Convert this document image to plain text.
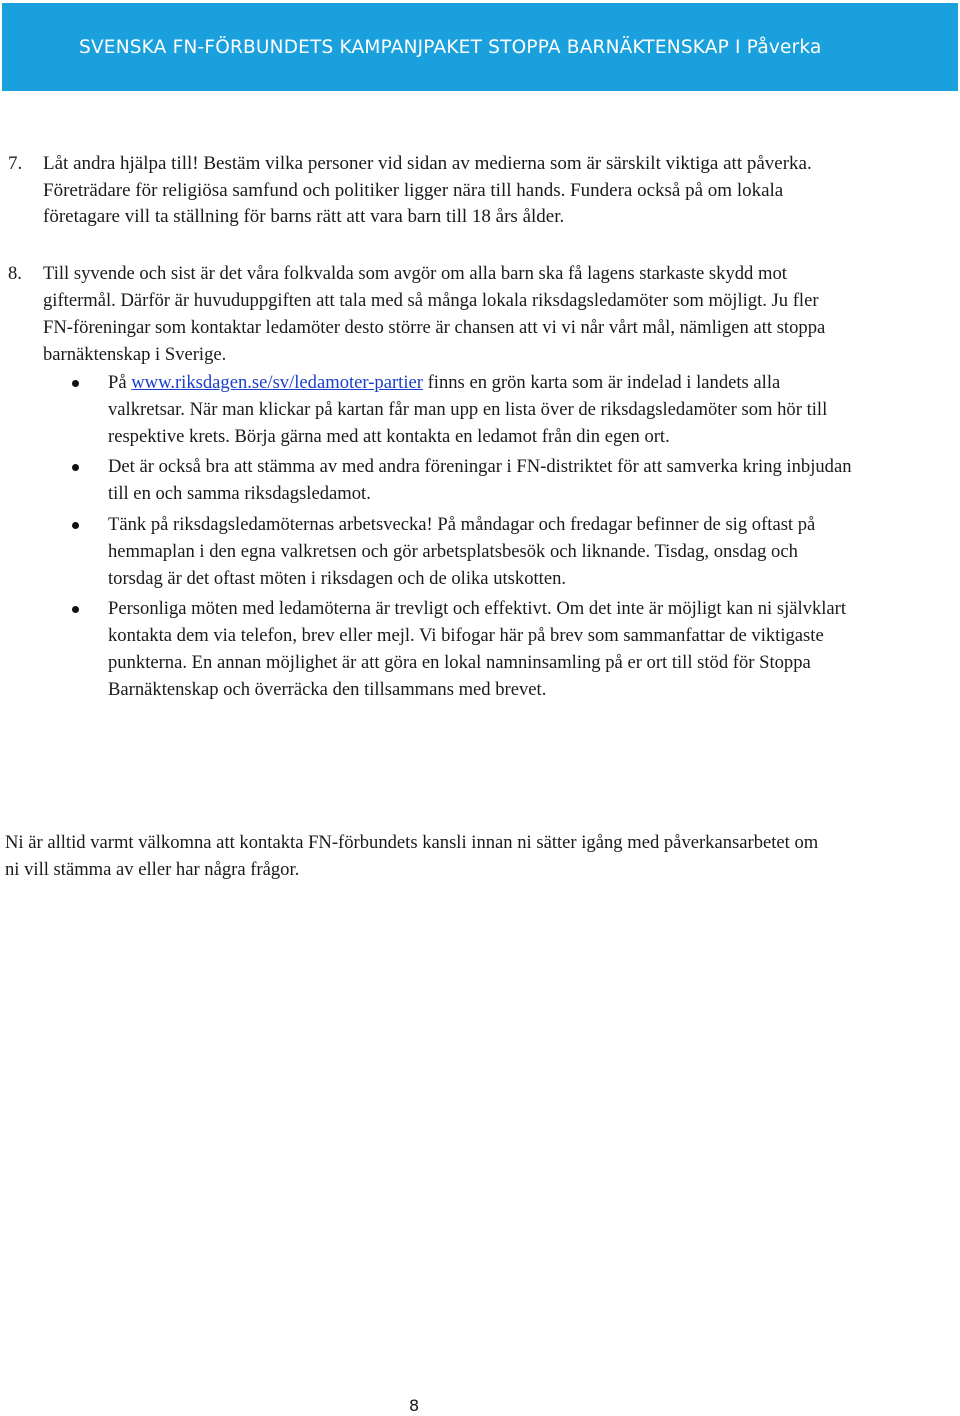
SVENSKA FN-FÖRBUNDETS KAMPANJPAKET STOPPA BARNÄKTENSKAP I Påverka
7. Låt andra hjälpa till! Bestäm vilka personer vid sidan av medierna som är särskilt viktiga att påverka. Företrädare för religiösa samfund och politiker ligger nära till hands. Fundera också på om lokala företagare vill ta ställning för barns rätt att vara barn till 18 års ålder.

8. Till syvende och sist är det våra folkvalda som avgör om alla barn ska få lagens starkaste skydd mot giftermål. Därför är huvuduppgiften att tala med så många lokala riksdagsledamöter som möjligt. Ju fler FN-föreningar som kontaktar ledamöter desto större är chansen att vi vi når vårt mål, nämligen att stoppa barnäktenskap i Sverige.

På www.riksdagen.se/sv/ledamoter-partier finns en grön karta som är indelad i landets alla valkretsar. När man klickar på kartan får man upp en lista över de riksdagsledamöter som hör till respektive krets. Börja gärna med att kontakta en ledamot från din egen ort.

Det är också bra att stämma av med andra föreningar i FN-distriktet för att samverka kring inbjudan till en och samma riksdagsledamot.

Tänk på riksdagsledamöternas arbetsvecka! På måndagar och fredagar befinner de sig oftast på hemmaplan i den egna valkretsen och gör arbetsplatsbesök och liknande. Tisdag, onsdag och torsdag är det oftast möten i riksdagen och de olika utskotten.

Personliga möten med ledamöterna är trevligt och effektivt. Om det inte är möjligt kan ni självklart kontakta dem via telefon, brev eller mejl. Vi bifogar här på brev som sammanfattar de viktigaste punkterna. En annan möjlighet är att göra en lokal namninsamling på er ort till stöd för Stoppa Barnäktenskap och överräcka den tillsammans med brevet.

Ni är alltid varmt välkomna att kontakta FN-förbundets kansli innan ni sätter igång med påverkansarbetet om ni vill stämma av eller har några frågor.

8
